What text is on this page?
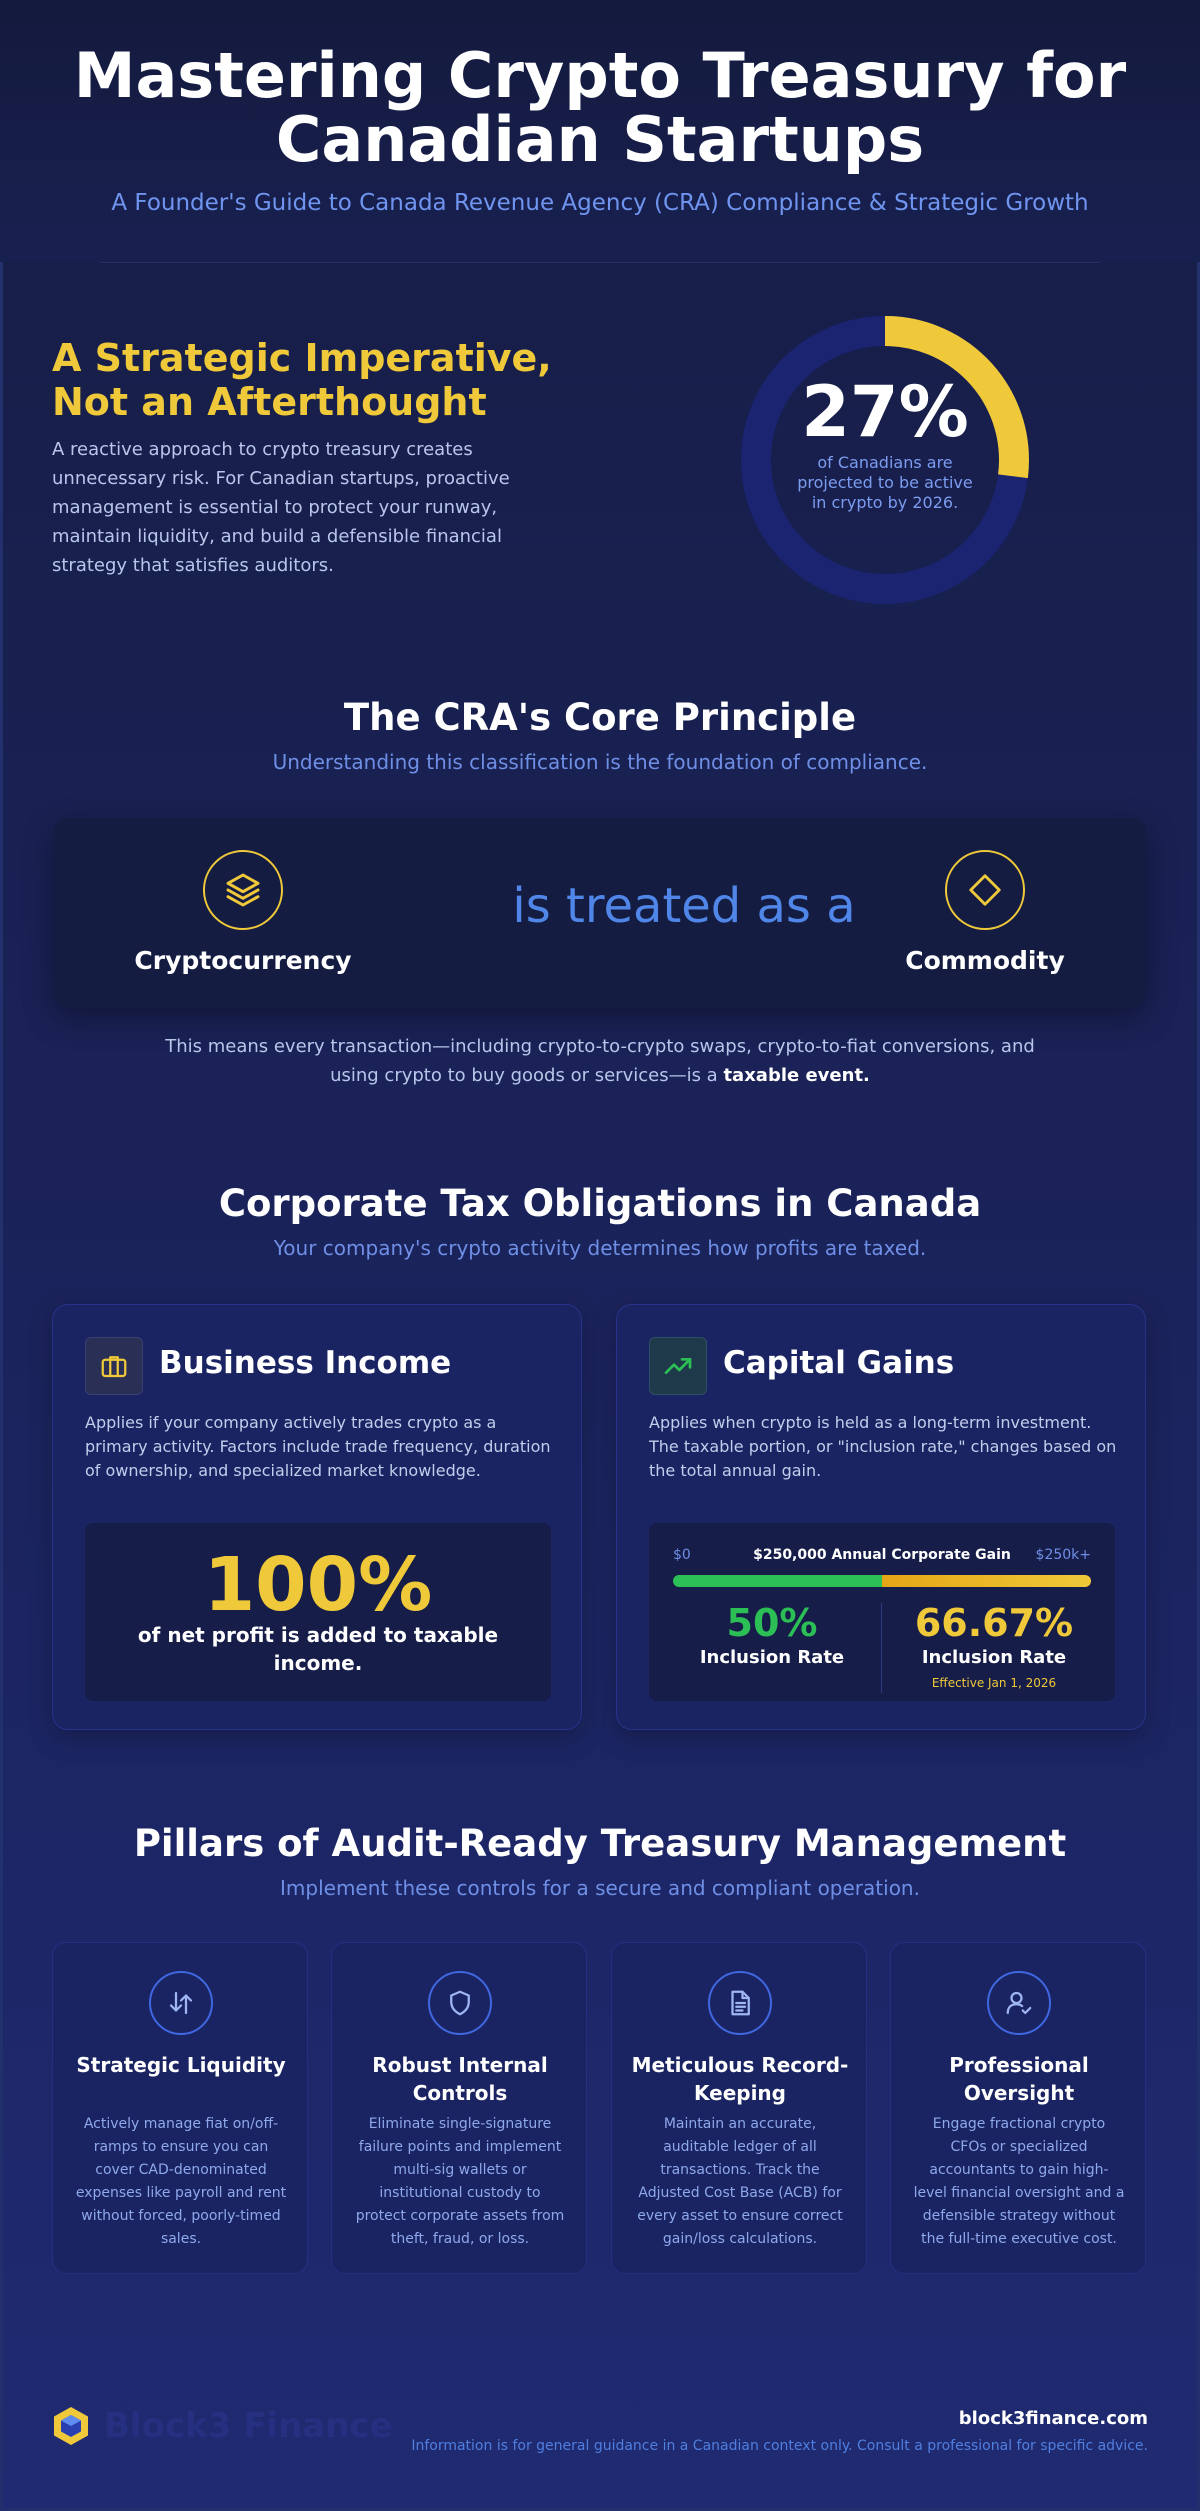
Mastering Crypto Treasury for
Canadian Startups
A Founder's Guide to Canada Revenue Agency (CRA) Compliance & Strategic Growth
A Strategic Imperative,
Not an Afterthought
A reactive approach to crypto treasury creates unnecessary risk. For Canadian startups, proactive management is essential to protect your runway, maintain liquidity, and build a defensible financial strategy that satisfies auditors.
27%
of Canadians are projected to be active in crypto by 2026.
The CRA's Core Principle
Understanding this classification is the foundation of compliance.
Cryptocurrency
is treated as a
Commodity
This means every transaction—including crypto-to-crypto swaps, crypto-to-fiat conversions, and using crypto to buy goods or services—is a taxable event.
Corporate Tax Obligations in Canada
Your company's crypto activity determines how profits are taxed.
Business Income
Applies if your company actively trades crypto as a primary activity. Factors include trade frequency, duration of ownership, and specialized market knowledge.
100%
of net profit is added to taxable income.
Capital Gains
Applies when crypto is held as a long-term investment. The taxable portion, or "inclusion rate," changes based on the total annual gain.
$0	$250,000 Annual Corporate Gain	$250k+
50%
Inclusion Rate
66.67%
Inclusion Rate
Effective Jan 1, 2026
Pillars of Audit-Ready Treasury Management
Implement these controls for a secure and compliant operation.
Strategic Liquidity
Actively manage fiat on/off-ramps to ensure you can cover CAD-denominated expenses like payroll and rent without forced, poorly-timed sales.
Robust Internal Controls
Eliminate single-signature failure points and implement multi-sig wallets or institutional custody to protect corporate assets from theft, fraud, or loss.
Meticulous Record-Keeping
Maintain an accurate, auditable ledger of all transactions. Track the Adjusted Cost Base (ACB) for every asset to ensure correct gain/loss calculations.
Professional Oversight
Engage fractional crypto CFOs or specialized accountants to gain high-level financial oversight and a defensible strategy without the full-time executive cost.
Block3 Finance	block3finance.com
Information is for general guidance in a Canadian context only. Consult a professional for specific advice.
